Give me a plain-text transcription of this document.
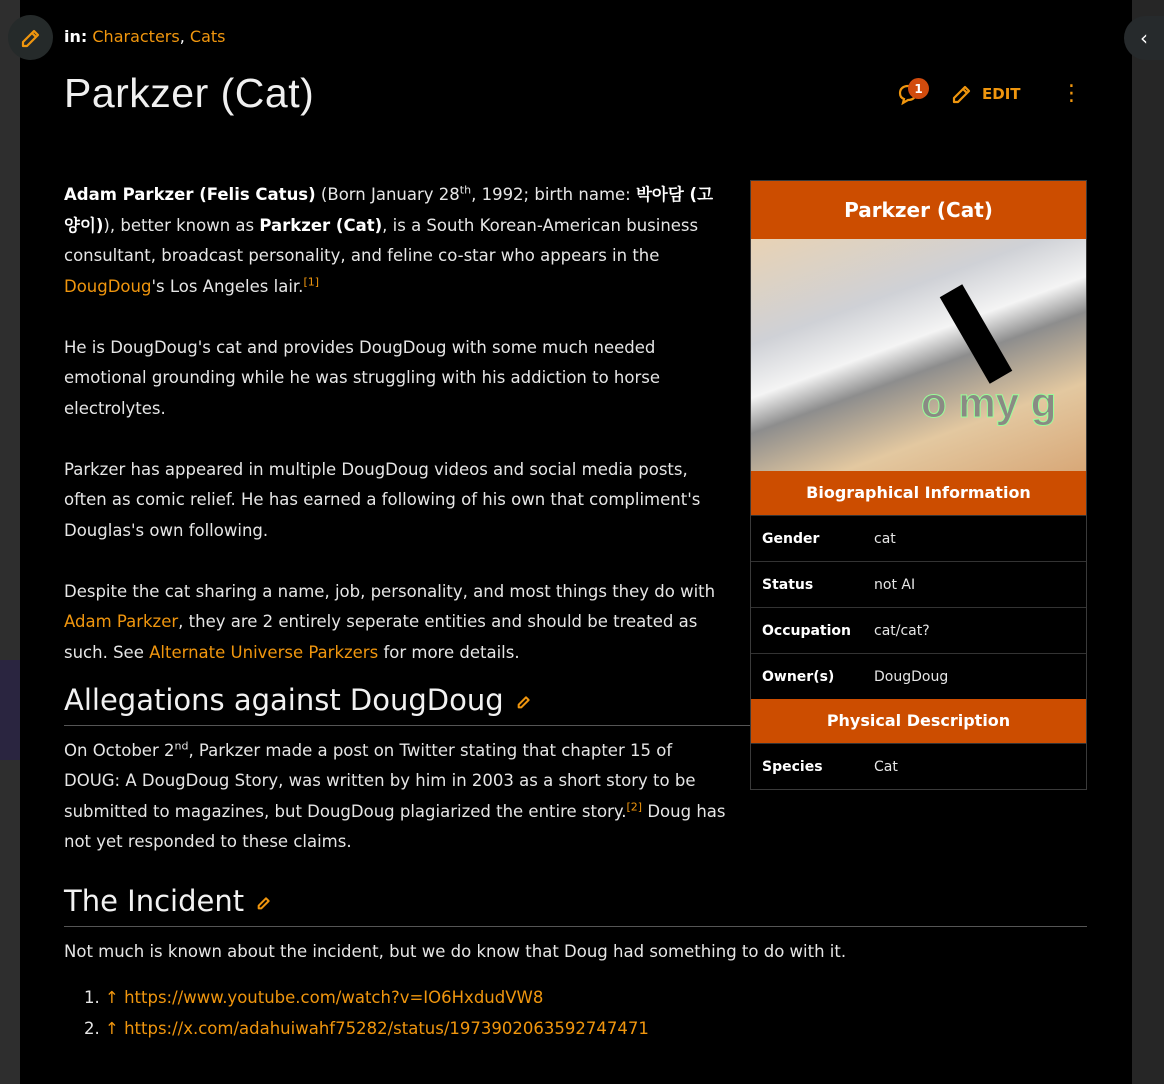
‹
in: Characters, Cats
Parkzer (Cat)	1	EDIT ⋮
Parkzer (Cat)
o my g
Biographical Information
Gender	cat
Status	not AI
Occupation	cat/cat?
Owner(s)	DougDoug
Physical Description
Species	Cat

Adam Parkzer (Felis Catus) (Born January 28th, 1992; birth name: 박아담 (고양이)), better known as Parkzer (Cat), is a South Korean-American business consultant, broadcast personality, and feline co-star who appears in the DougDoug's Los Angeles lair.[1]

He is DougDoug's cat and provides DougDoug with some much needed emotional grounding while he was struggling with his addiction to horse electrolytes.

Parkzer has appeared in multiple DougDoug videos and social media posts, often as comic relief. He has earned a following of his own that compliment's Douglas's own following.

Despite the cat sharing a name, job, personality, and most things they do with Adam Parkzer, they are 2 entirely seperate entities and should be treated as such. See Alternate Universe Parkzers for more details.

Allegations against DougDoug

On October 2nd, Parkzer made a post on Twitter stating that chapter 15 of DOUG: A DougDoug Story, was written by him in 2003 as a short story to be submitted to magazines, but DougDoug plagiarized the entire story.[2] Doug has not yet responded to these claims.

The Incident

Not much is known about the incident, but we do know that Doug had something to do with it.

1. ↑ https://www.youtube.com/watch?v=IO6HxdudVW8
2. ↑ https://x.com/adahuiwahf75282/status/1973902063592747471
